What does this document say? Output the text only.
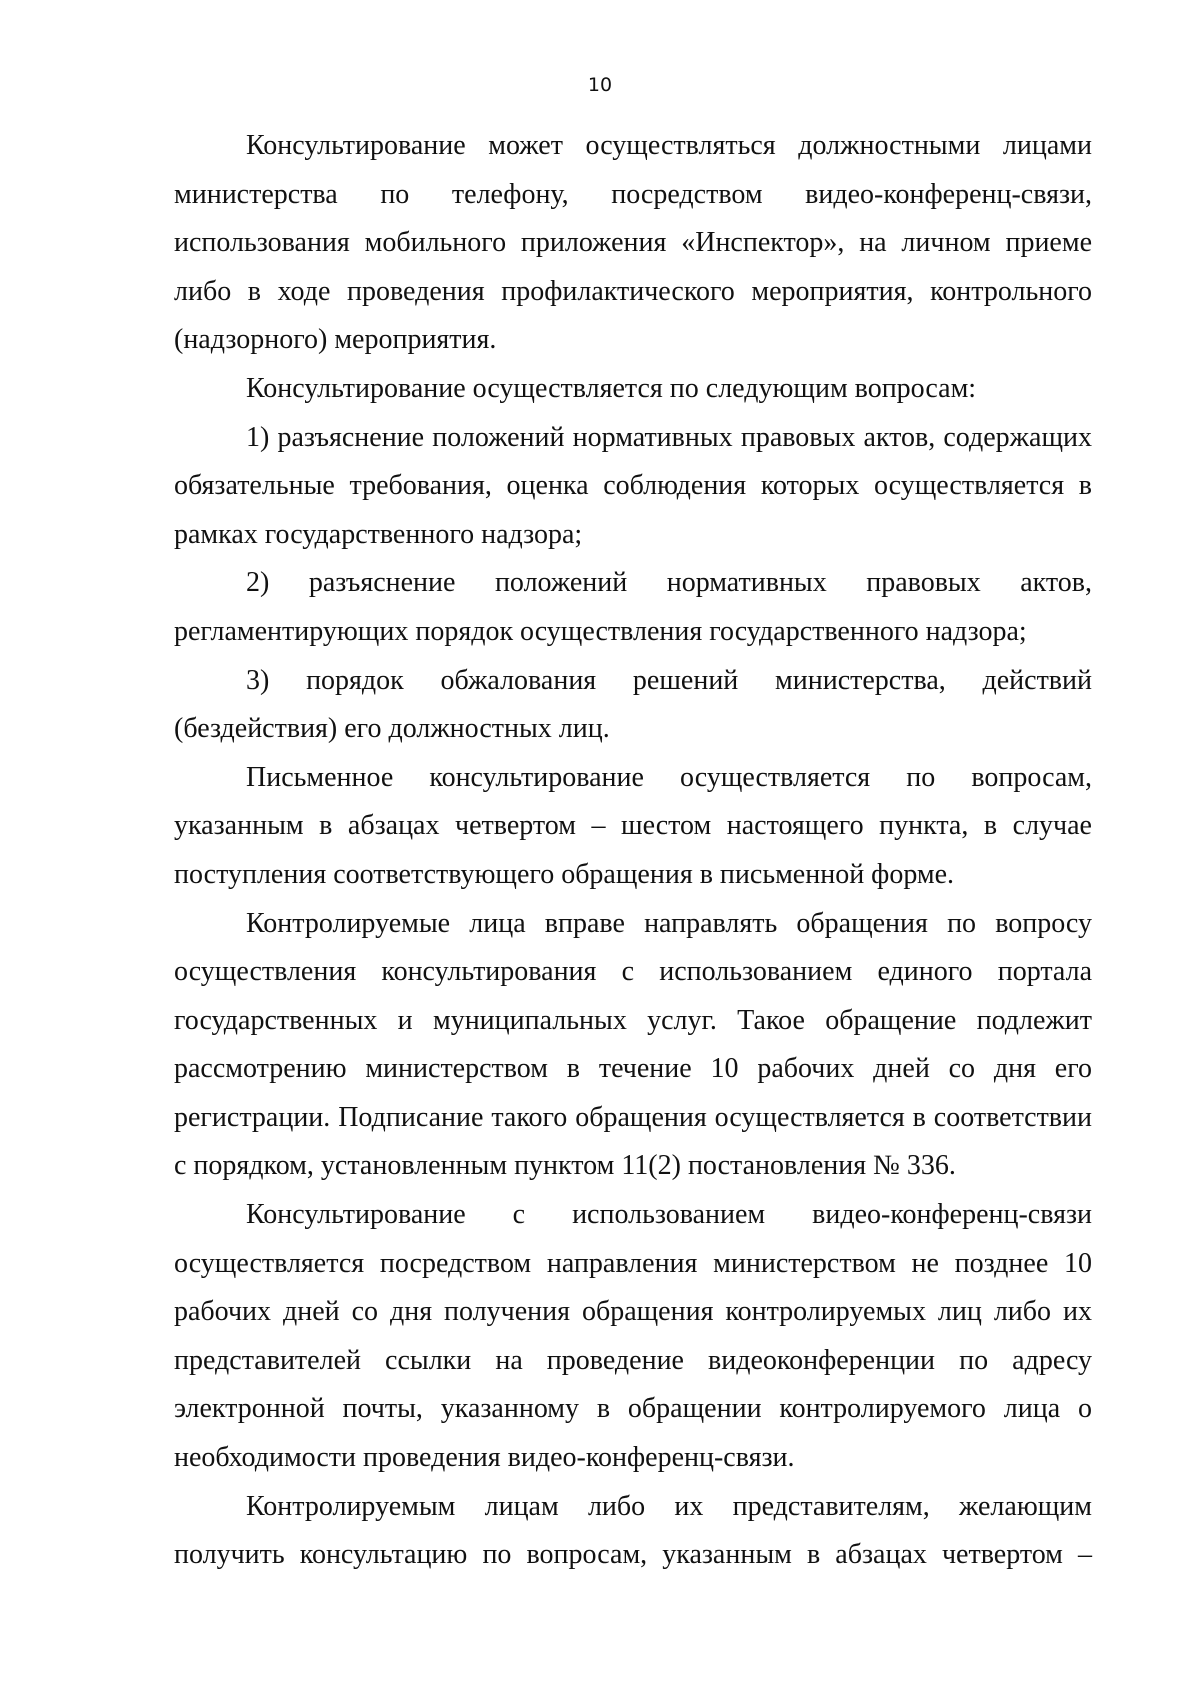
10

Консультирование может осуществляться должностными лицами министерства по телефону, посредством видео-конференц-связи, использования мобильного приложения «Инспектор», на личном приеме либо в ходе проведения профилактического мероприятия, контрольного (надзорного) мероприятия.

Консультирование осуществляется по следующим вопросам:

1) разъяснение положений нормативных правовых актов, содержащих обязательные требования, оценка соблюдения которых осуществляется в рамках государственного надзора;

2) разъяснение положений нормативных правовых актов, регламентирующих порядок осуществления государственного надзора;

3) порядок обжалования решений министерства, действий (бездействия) его должностных лиц.

Письменное консультирование осуществляется по вопросам, указанным в абзацах четвертом – шестом настоящего пункта, в случае поступления соответствующего обращения в письменной форме.

Контролируемые лица вправе направлять обращения по вопросу осуществления консультирования с использованием единого портала государственных и муниципальных услуг. Такое обращение подлежит рассмотрению министерством в течение 10 рабочих дней со дня его регистрации. Подписание такого обращения осуществляется в соответствии с порядком, установленным пунктом 11(2) постановления № 336.

Консультирование с использованием видео-конференц-связи осуществляется посредством направления министерством не позднее 10 рабочих дней со дня получения обращения контролируемых лиц либо их представителей ссылки на проведение видеоконференции по адресу электронной почты, указанному в обращении контролируемого лица о необходимости проведения видео-конференц-связи.

Контролируемым лицам либо их представителям, желающим получить консультацию по вопросам, указанным в абзацах четвертом –
